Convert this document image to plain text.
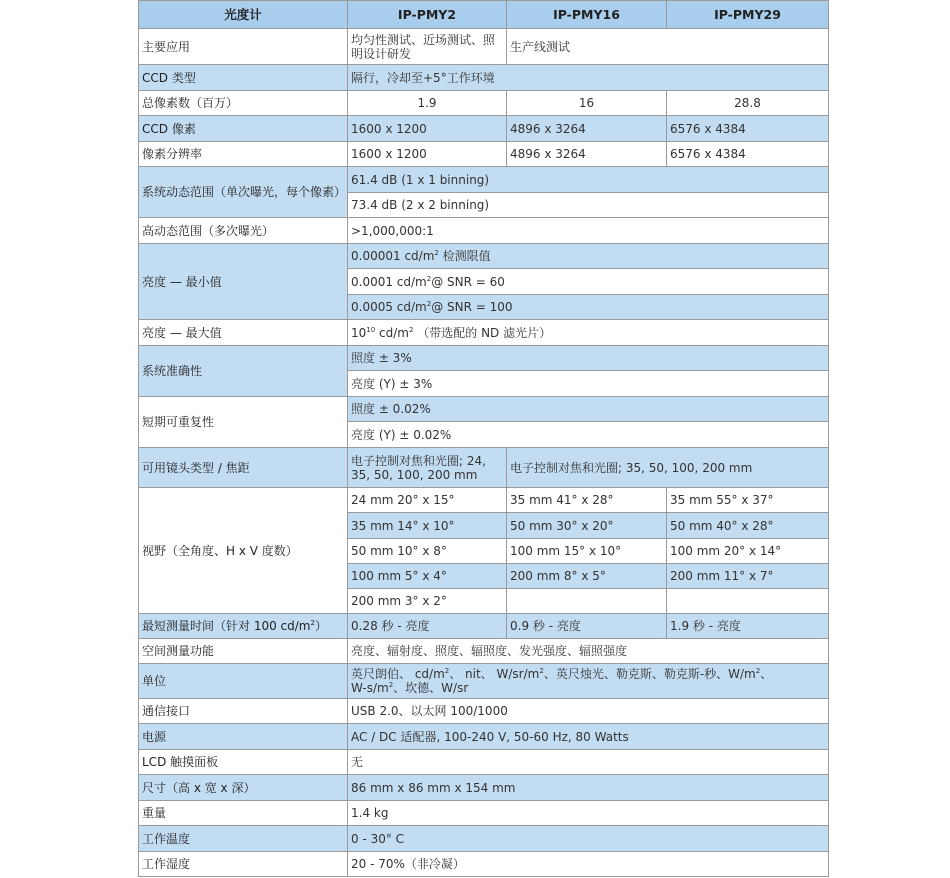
光度计	IP-PMY2	IP-PMY16	IP-PMY29
主要应用	均匀性测试、近场测试、照明设计研发	生产线测试	
CCD 类型	隔行，冷却至+5°工作环境		
总像素数（百万）	1.9	16	28.8
CCD 像素	1600 x 1200	4896 x 3264	6576 x 4384
像素分辨率	1600 x 1200	4896 x 3264	6576 x 4384
系统动态范围（单次曝光，每个像素）	61.4 dB (1 x 1 binning)		
	73.4 dB (2 x 2 binning)		
高动态范围（多次曝光）	>1,000,000:1		
亮度 — 最小值	0.00001 $cd/m^2$ 检测限值		
	0.0001 $cd/m^2@$ SNR = 60		
	0.0005 $cd/m^2@$ SNR = 100		
亮度 — 最大值	$10^{10}$ $cd/m^2$ （带选配的 ND 滤光片）		
系统准确性	照度 ± 3%		
	亮度 (Y) ± 3%		
短期可重复性	照度 ± 0.02%		
	亮度 (Y) ± 0.02%		
可用镜头类型 / 焦距	电子控制对焦和光圈; 24, 35, 50, 100, 200 mm	电子控制对焦和光圈; 35, 50, 100, 200 mm	
视野（全角度、H x V 度数）	24 mm 20° x 15°	35 mm 41° x 28°	35 mm 55° x 37°
	35 mm 14° x 10°	50 mm 30° x 20°	50 mm 40° x 28°
	50 mm 10° x 8°	100 mm 15° x 10°	100 mm 20° x 14°
	100 mm 5° x 4°	200 mm 8° x 5°	200 mm 11° x 7°
	200 mm 3° x 2°		
最短测量时间（针对 100 $cd/m^2$）	0.28 秒 - 亮度	0.9 秒 - 亮度	1.9 秒 - 亮度
空间测量功能	亮度、辐射度、照度、辐照度、发光强度、辐照强度		
单位	英尺朗伯、 $cd/m^2$、 nit、 $W/sr/m^2$、英尺烛光、勒克斯、勒克斯-秒、$W/m^2$、
$W-s/m^2$、坎德、W/sr		
通信接口	USB 2.0、以太网 100/1000		
电源	AC / DC 适配器, 100-240 V, 50-60 Hz, 80 Watts		
LCD 触摸面板	无		
尺寸（高 x 宽 x 深）	86 mm x 86 mm x 154 mm		
重量	1.4 kg		
工作温度	0 - 30° C		
工作湿度	20 - 70%（非冷凝）		
